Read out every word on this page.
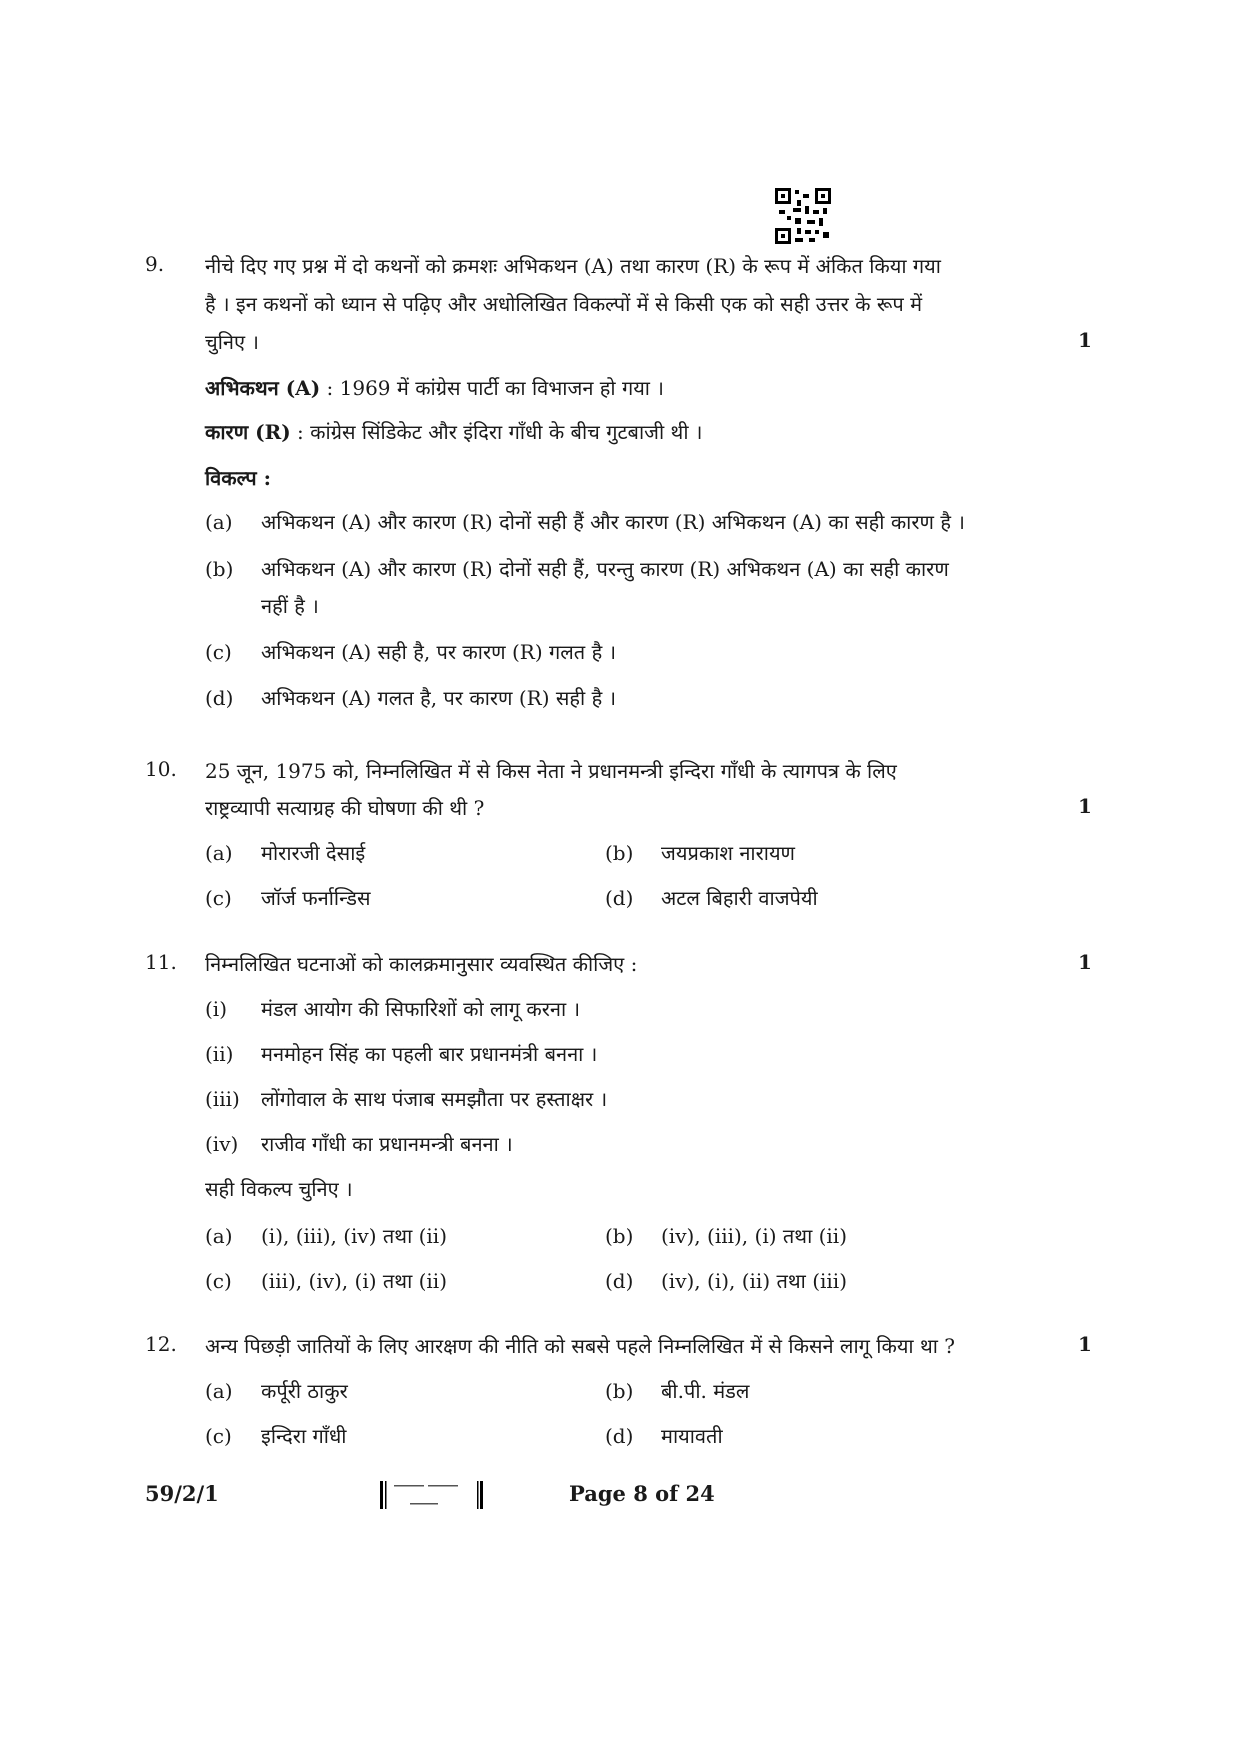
9. नीचे दिए गए प्रश्न में दो कथनों को क्रमशः अभिकथन (A) तथा कारण (R) के रूप में अंकित किया गया
है । इन कथनों को ध्यान से पढ़िए और अधोलिखित विकल्पों में से किसी एक को सही उत्तर के रूप में
चुनिए ।	1
अभिकथन (A) : 1969 में कांग्रेस पार्टी का विभाजन हो गया ।
कारण (R) : कांग्रेस सिंडिकेट और इंदिरा गाँधी के बीच गुटबाजी थी ।
विकल्प :
(a) अभिकथन (A) और कारण (R) दोनों सही हैं और कारण (R) अभिकथन (A) का सही कारण है ।
(b) अभिकथन (A) और कारण (R) दोनों सही हैं, परन्तु कारण (R) अभिकथन (A) का सही कारण
नहीं है ।
(c) अभिकथन (A) सही है, पर कारण (R) गलत है ।
(d) अभिकथन (A) गलत है, पर कारण (R) सही है ।
10. 25 जून, 1975 को, निम्नलिखित में से किस नेता ने प्रधानमन्त्री इन्दिरा गाँधी के त्यागपत्र के लिए
राष्ट्रव्यापी सत्याग्रह की घोषणा की थी ?	1
(a) मोरारजी देसाई	(b) जयप्रकाश नारायण
(c) जॉर्ज फर्नान्डिस	(d) अटल बिहारी वाजपेयी
11. निम्नलिखित घटनाओं को कालक्रमानुसार व्यवस्थित कीजिए :	1
(i) मंडल आयोग की सिफारिशों को लागू करना ।
(ii) मनमोहन सिंह का पहली बार प्रधानमंत्री बनना ।
(iii) लोंगोवाल के साथ पंजाब समझौता पर हस्ताक्षर ।
(iv) राजीव गाँधी का प्रधानमन्त्री बनना ।
सही विकल्प चुनिए ।
(a) (i), (iii), (iv) तथा (ii)	(b) (iv), (iii), (i) तथा (ii)
(c) (iii), (iv), (i) तथा (ii)	(d) (iv), (i), (ii) तथा (iii)
12. अन्य पिछड़ी जातियों के लिए आरक्षण की नीति को सबसे पहले निम्नलिखित में से किसने लागू किया था ?	1
(a) कर्पूरी ठाकुर	(b) बी.पी. मंडल
(c) इन्दिरा गाँधी	(d) मायावती
59/2/1	Page 8 of 24
